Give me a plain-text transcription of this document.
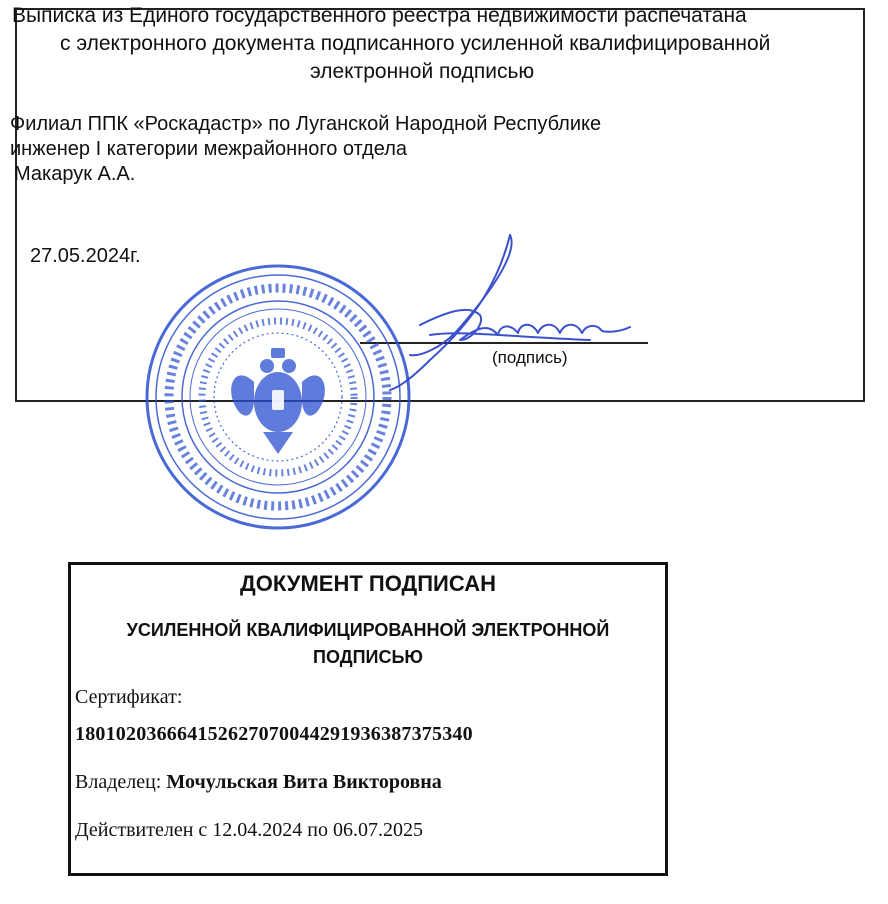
Выписка из Единого государственного реестра недвижимости распечатана
с электронного документа подписанного усиленной квалифицированной
электронной подписью
Филиал ППК «Роскадастр» по Луганской Народной Республике
инженер I категории межрайонного отдела
Макарук А.А.
27.05.2024г.
(подпись)
ДОКУМЕНТ ПОДПИСАН
УСИЛЕННОЙ КВАЛИФИЦИРОВАННОЙ ЭЛЕКТРОННОЙ
ПОДПИСЬЮ
Сертификат:
180102036664152627070044291936387375340
Владелец: Мочульская Вита Викторовна
Действителен с 12.04.2024 по 06.07.2025
